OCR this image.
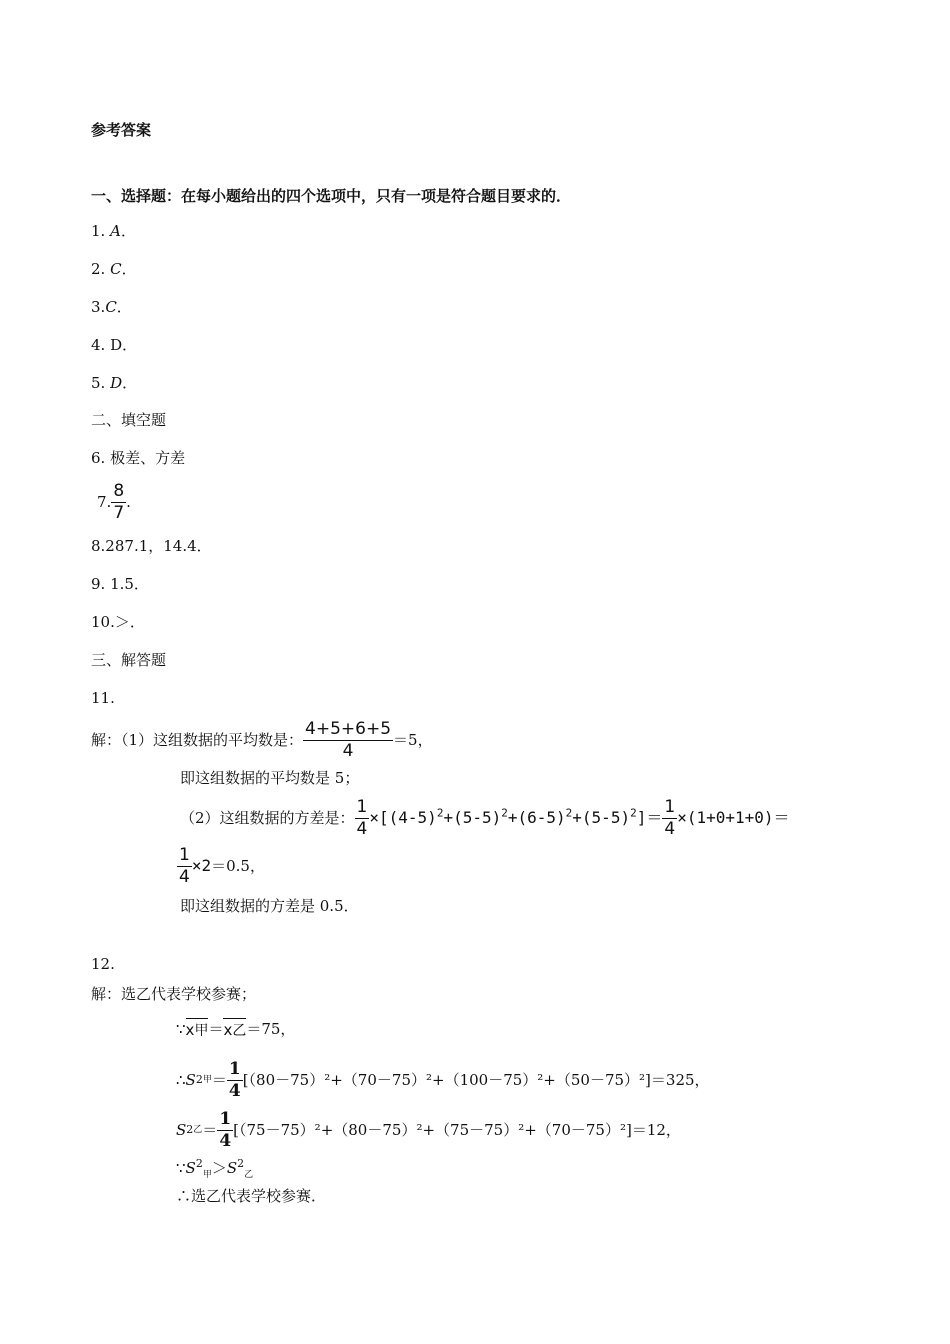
参考答案
一、选择题：在每小题给出的四个选项中，只有一项是符合题目要求的．
1. A．
2. C．
3.C．
4. D．
5. D．
二、填空题
6. 极差、方差
7. $\frac{8}{7}$ .
8.287.1，14.4．
9. 1.5．
10.＞．
三、解答题
11.
解：（1）这组数据的平均数是： $\frac{4+5+6+5}{4} =5$，
即这组数据的平均数是 5；
（2）这组数据的方差是： $\frac{1}{4} \times[(4-5)^2+(5-5)^2+(6-5)^2+(5-5)^2]= \frac{1}{4} \times(1+0+1+0)=$
$\frac{1}{4} \times 2 =0.5$，
即这组数据的方差是 0.5．
12.
解：选乙代表学校参赛；
∵ x甲 ＝ x乙 ＝75，
∴ S 2 甲 ＝ $\frac{1}{4} [(80-75)^2+(70-75)^2+(100-75)^2+(50-75)^2]=325$，
S 2 乙 ＝ $\frac{1}{4} [(75-75)^2+(80-75)^2+(75-75)^2+(70-75)^2]=12$，
$\because S^2_甲>S^2_乙$
∴选乙代表学校参赛．
